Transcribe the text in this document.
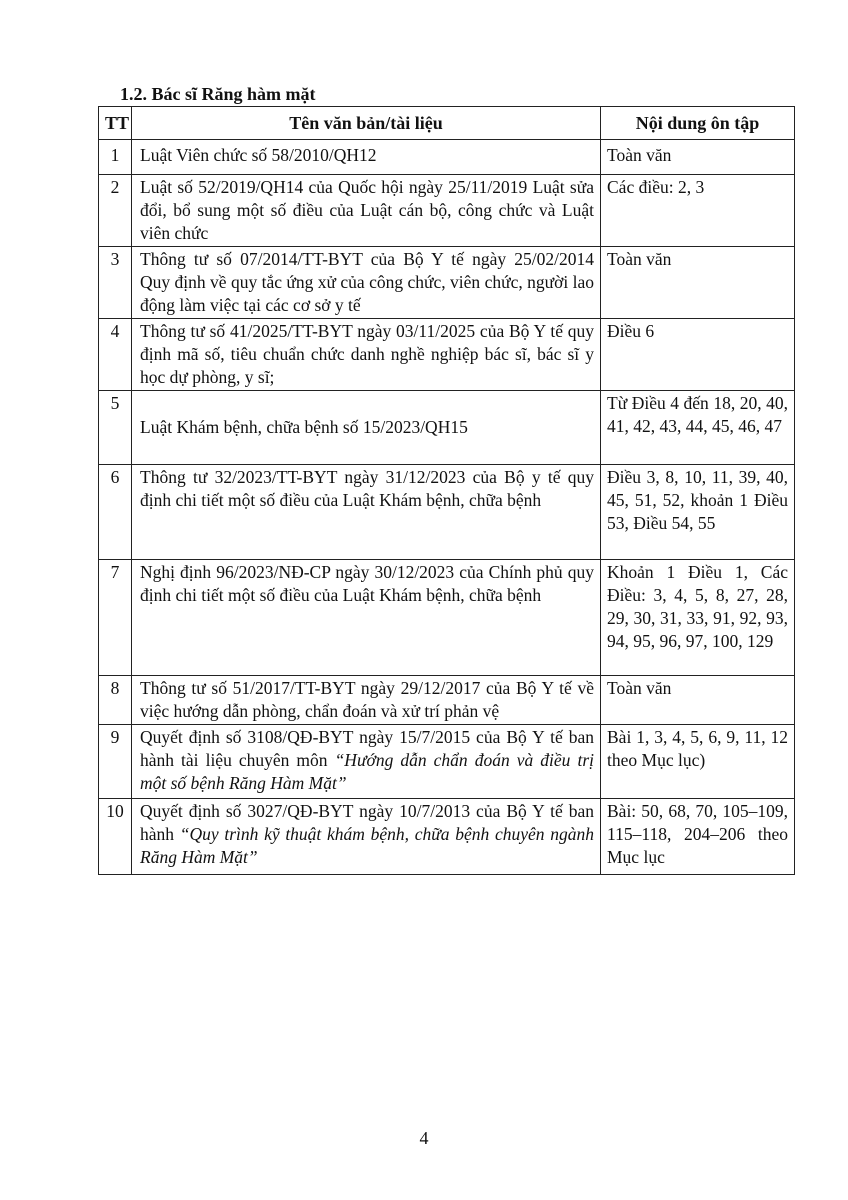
1.2. Bác sĩ Răng hàm mặt
TT	Tên văn bản/tài liệu	Nội dung ôn tập
1	Luật Viên chức số 58/2010/QH12	Toàn văn
2	Luật số 52/2019/QH14 của Quốc hội ngày 25/11/2019 Luật sửa đổi, bổ sung một số điều của Luật cán bộ, công chức và Luật viên chức	Các điều: 2, 3
3	Thông tư số 07/2014/TT-BYT của Bộ Y tế ngày 25/02/2014 Quy định về quy tắc ứng xử của công chức, viên chức, người lao động làm việc tại các cơ sở y tế	Toàn văn
4	Thông tư số 41/2025/TT-BYT ngày 03/11/2025 của Bộ Y tế quy định mã số, tiêu chuẩn chức danh nghề nghiệp bác sĩ, bác sĩ y học dự phòng, y sĩ;	Điều 6
5	Luật Khám bệnh, chữa bệnh số 15/2023/QH15	Từ Điều 4 đến 18, 20, 40, 41, 42, 43, 44, 45, 46, 47
6	Thông tư 32/2023/TT-BYT ngày 31/12/2023 của Bộ y tế quy định chi tiết một số điều của Luật Khám bệnh, chữa bệnh	Điều 3, 8, 10, 11, 39, 40, 45, 51, 52, khoản 1 Điều 53, Điều 54, 55
7	Nghị định 96/2023/NĐ-CP ngày 30/12/2023 của Chính phủ quy định chi tiết một số điều của Luật Khám bệnh, chữa bệnh	Khoản 1 Điều 1, Các Điều: 3, 4, 5, 8, 27, 28, 29, 30, 31, 33, 91, 92, 93, 94, 95, 96, 97, 100, 129
8	Thông tư số 51/2017/TT-BYT ngày 29/12/2017 của Bộ Y tế về việc hướng dẫn phòng, chẩn đoán và xử trí phản vệ	Toàn văn
9	Quyết định số 3108/QĐ-BYT ngày 15/7/2015 của Bộ Y tế ban hành tài liệu chuyên môn “Hướng dẫn chẩn đoán và điều trị một số bệnh Răng Hàm Mặt”	Bài 1, 3, 4, 5, 6, 9, 11, 12 theo Mục lục)
10	Quyết định số 3027/QĐ-BYT ngày 10/7/2013 của Bộ Y tế ban hành “Quy trình kỹ thuật khám bệnh, chữa bệnh chuyên ngành Răng Hàm Mặt”	Bài: 50, 68, 70, 105–109, 115–118, 204–206 theo Mục lục
4
